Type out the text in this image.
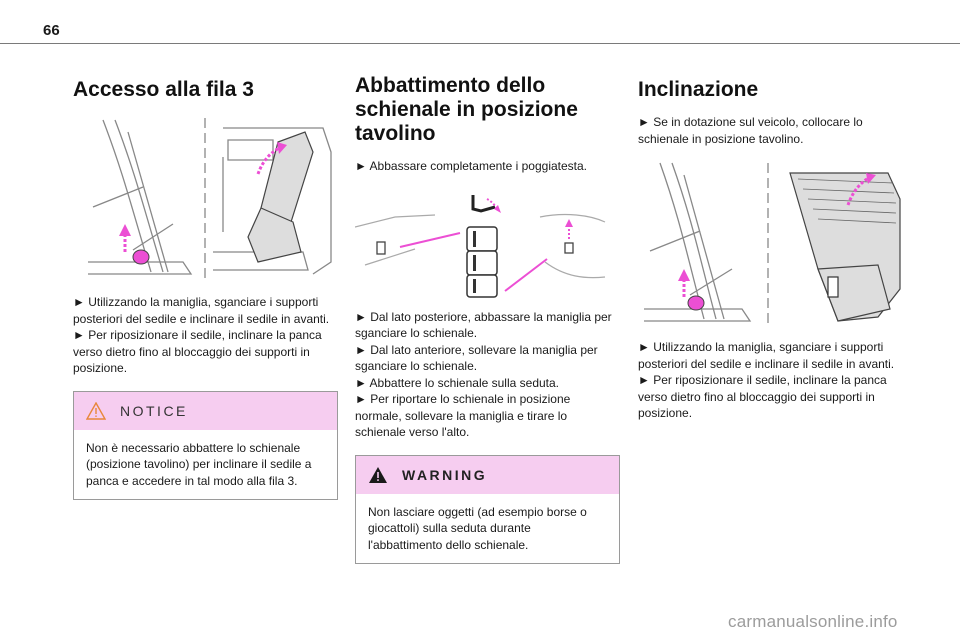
66
Accesso alla fila 3

► Utilizzando la maniglia, sganciare i supporti posteriori del sedile e inclinare il sedile in avanti.
► Per riposizionare il sedile, inclinare la panca verso dietro fino al bloccaggio dei supporti in posizione.

NOTICE
Non è necessario abbattere lo schienale (posizione tavolino) per inclinare il sedile a panca e accedere in tal modo alla fila 3.
Abbattimento dello schienale in posizione tavolino

► Abbassare completamente i poggiatesta.

► Dal lato posteriore, abbassare la maniglia per sganciare lo schienale.
► Dal lato anteriore, sollevare la maniglia per sganciare lo schienale.
► Abbattere lo schienale sulla seduta.
► Per riportare lo schienale in posizione normale, sollevare la maniglia e tirare lo schienale verso l'alto.

WARNING
Non lasciare oggetti (ad esempio borse o giocattoli) sulla seduta durante l'abbattimento dello schienale.
Inclinazione

► Se in dotazione sul veicolo, collocare lo schienale in posizione tavolino.

► Utilizzando la maniglia, sganciare i supporti posteriori del sedile e inclinare il sedile in avanti.
► Per riposizionare il sedile, inclinare la panca verso dietro fino al bloccaggio dei supporti in posizione.

carmanualsonline.info
